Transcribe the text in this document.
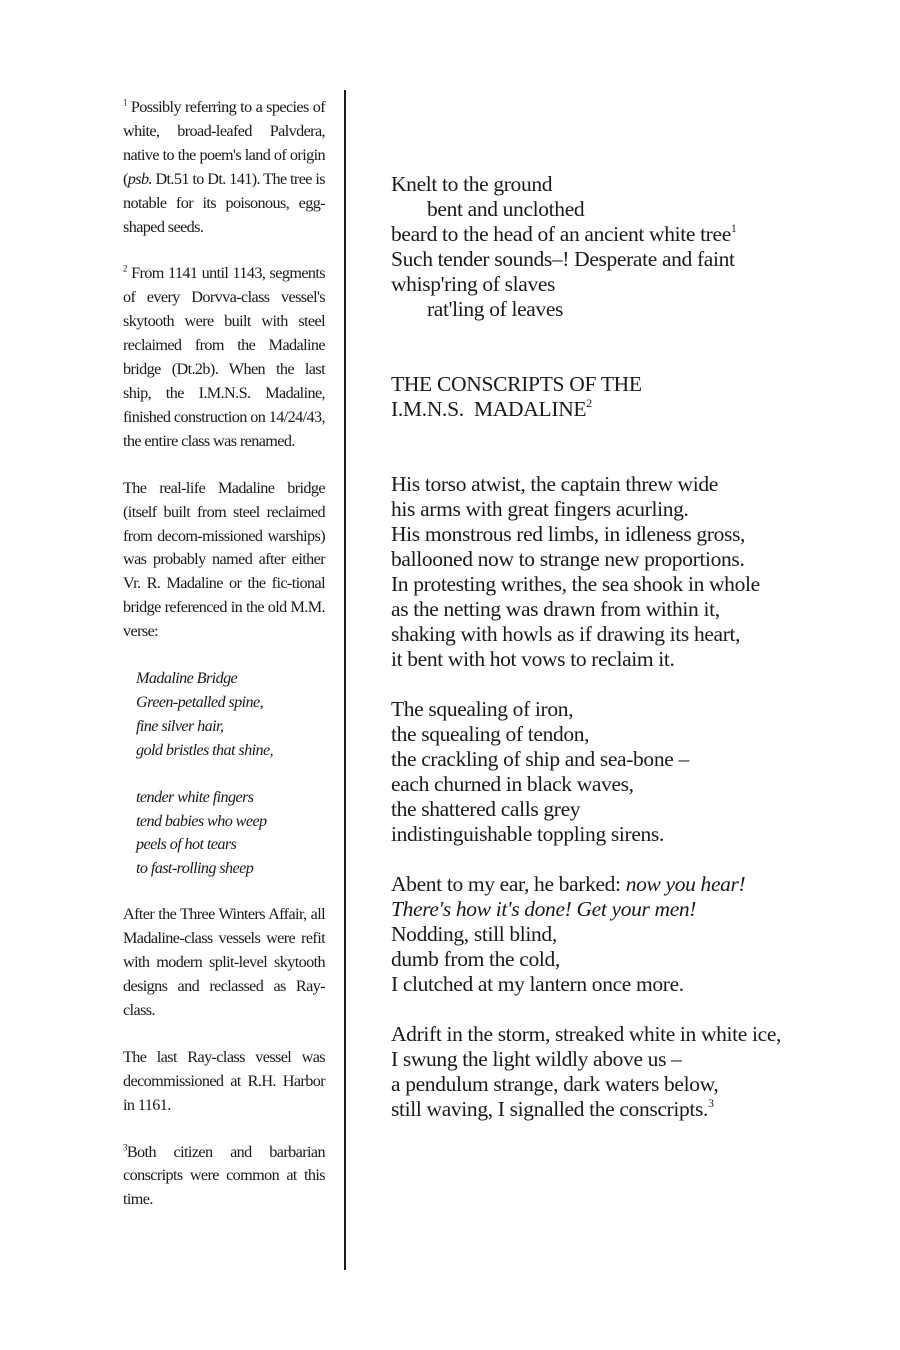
$^1$ Possibly referring to a species of white, broad-leafed Palvdera, native to the poem's land of origin (psb. Dt.51 to Dt. 141). The tree is notable for its poisonous, egg-shaped seeds.

$^2$ From 1141 until 1143, segments of every Dorvva-class vessel's skytooth were built with steel reclaimed from the Madaline bridge (Dt.2b). When the last ship, the I.M.N.S. Madaline, finished construction on 14/24/43, the entire class was renamed.

The real-life Madaline bridge (itself built from steel reclaimed from decom-missioned warships) was probably named after either Vr. R. Madaline or the fic-tional bridge referenced in the old M.M. verse:

Madaline Bridge
Green-petalled spine,
fine silver hair,
gold bristles that shine,
tender white fingers
tend babies who weep
peels of hot tears
to fast-rolling sheep

After the Three Winters Affair, all Madaline-class vessels were refit with modern split-level skytooth designs and reclassed as Ray-class.

The last Ray-class vessel was decommissioned at R.H. Harbor in 1161.

$^3$Both citizen and barbarian conscripts were common at this time.

Knelt to the ground
bent and unclothed
beard to the head of an ancient white tree$^1$
Such tender sounds–! Desperate and faint
whisp'ring of slaves
rat'ling of leaves
THE CONSCRIPTS OF THE
I.M.N.S.  MADALINE$^2$
His torso atwist, the captain threw wide
his arms with great fingers acurling.
His monstrous red limbs, in idleness gross,
ballooned now to strange new proportions.
In protesting writhes, the sea shook in whole
as the netting was drawn from within it,
shaking with howls as if drawing its heart,
it bent with hot vows to reclaim it.
The squealing of iron,
the squealing of tendon,
the crackling of ship and sea-bone –
each churned in black waves,
the shattered calls grey
indistinguishable toppling sirens.
Abent to my ear, he barked: now you hear!
There's how it's done! Get your men!
Nodding, still blind,
dumb from the cold,
I clutched at my lantern once more.
Adrift in the storm, streaked white in white ice,
I swung the light wildly above us –
a pendulum strange, dark waters below,
still waving, I signalled the conscripts.$^3$
